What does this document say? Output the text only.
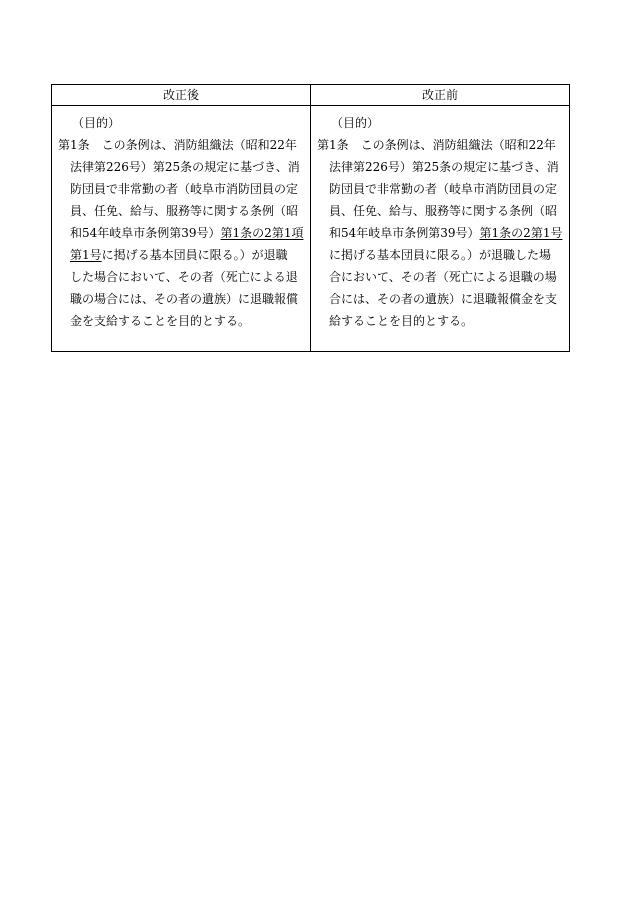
改正後	改正前
（目的）
第1条　この条例は、消防組織法（昭和22年
法律第226号）第25条の規定に基づき、消
防団員で非常勤の者（岐阜市消防団員の定
員、任免、給与、服務等に関する条例（昭
和54年岐阜市条例第39号）第1条の2第1項
第1号に掲げる基本団員に限る。）が退職
した場合において、その者（死亡による退
職の場合には、その者の遺族）に退職報償
金を支給することを目的とする。
（目的）
第1条　この条例は、消防組織法（昭和22年
法律第226号）第25条の規定に基づき、消
防団員で非常勤の者（岐阜市消防団員の定
員、任免、給与、服務等に関する条例（昭
和54年岐阜市条例第39号）第1条の2第1号
に掲げる基本団員に限る。）が退職した場
合において、その者（死亡による退職の場
合には、その者の遺族）に退職報償金を支
給することを目的とする。
